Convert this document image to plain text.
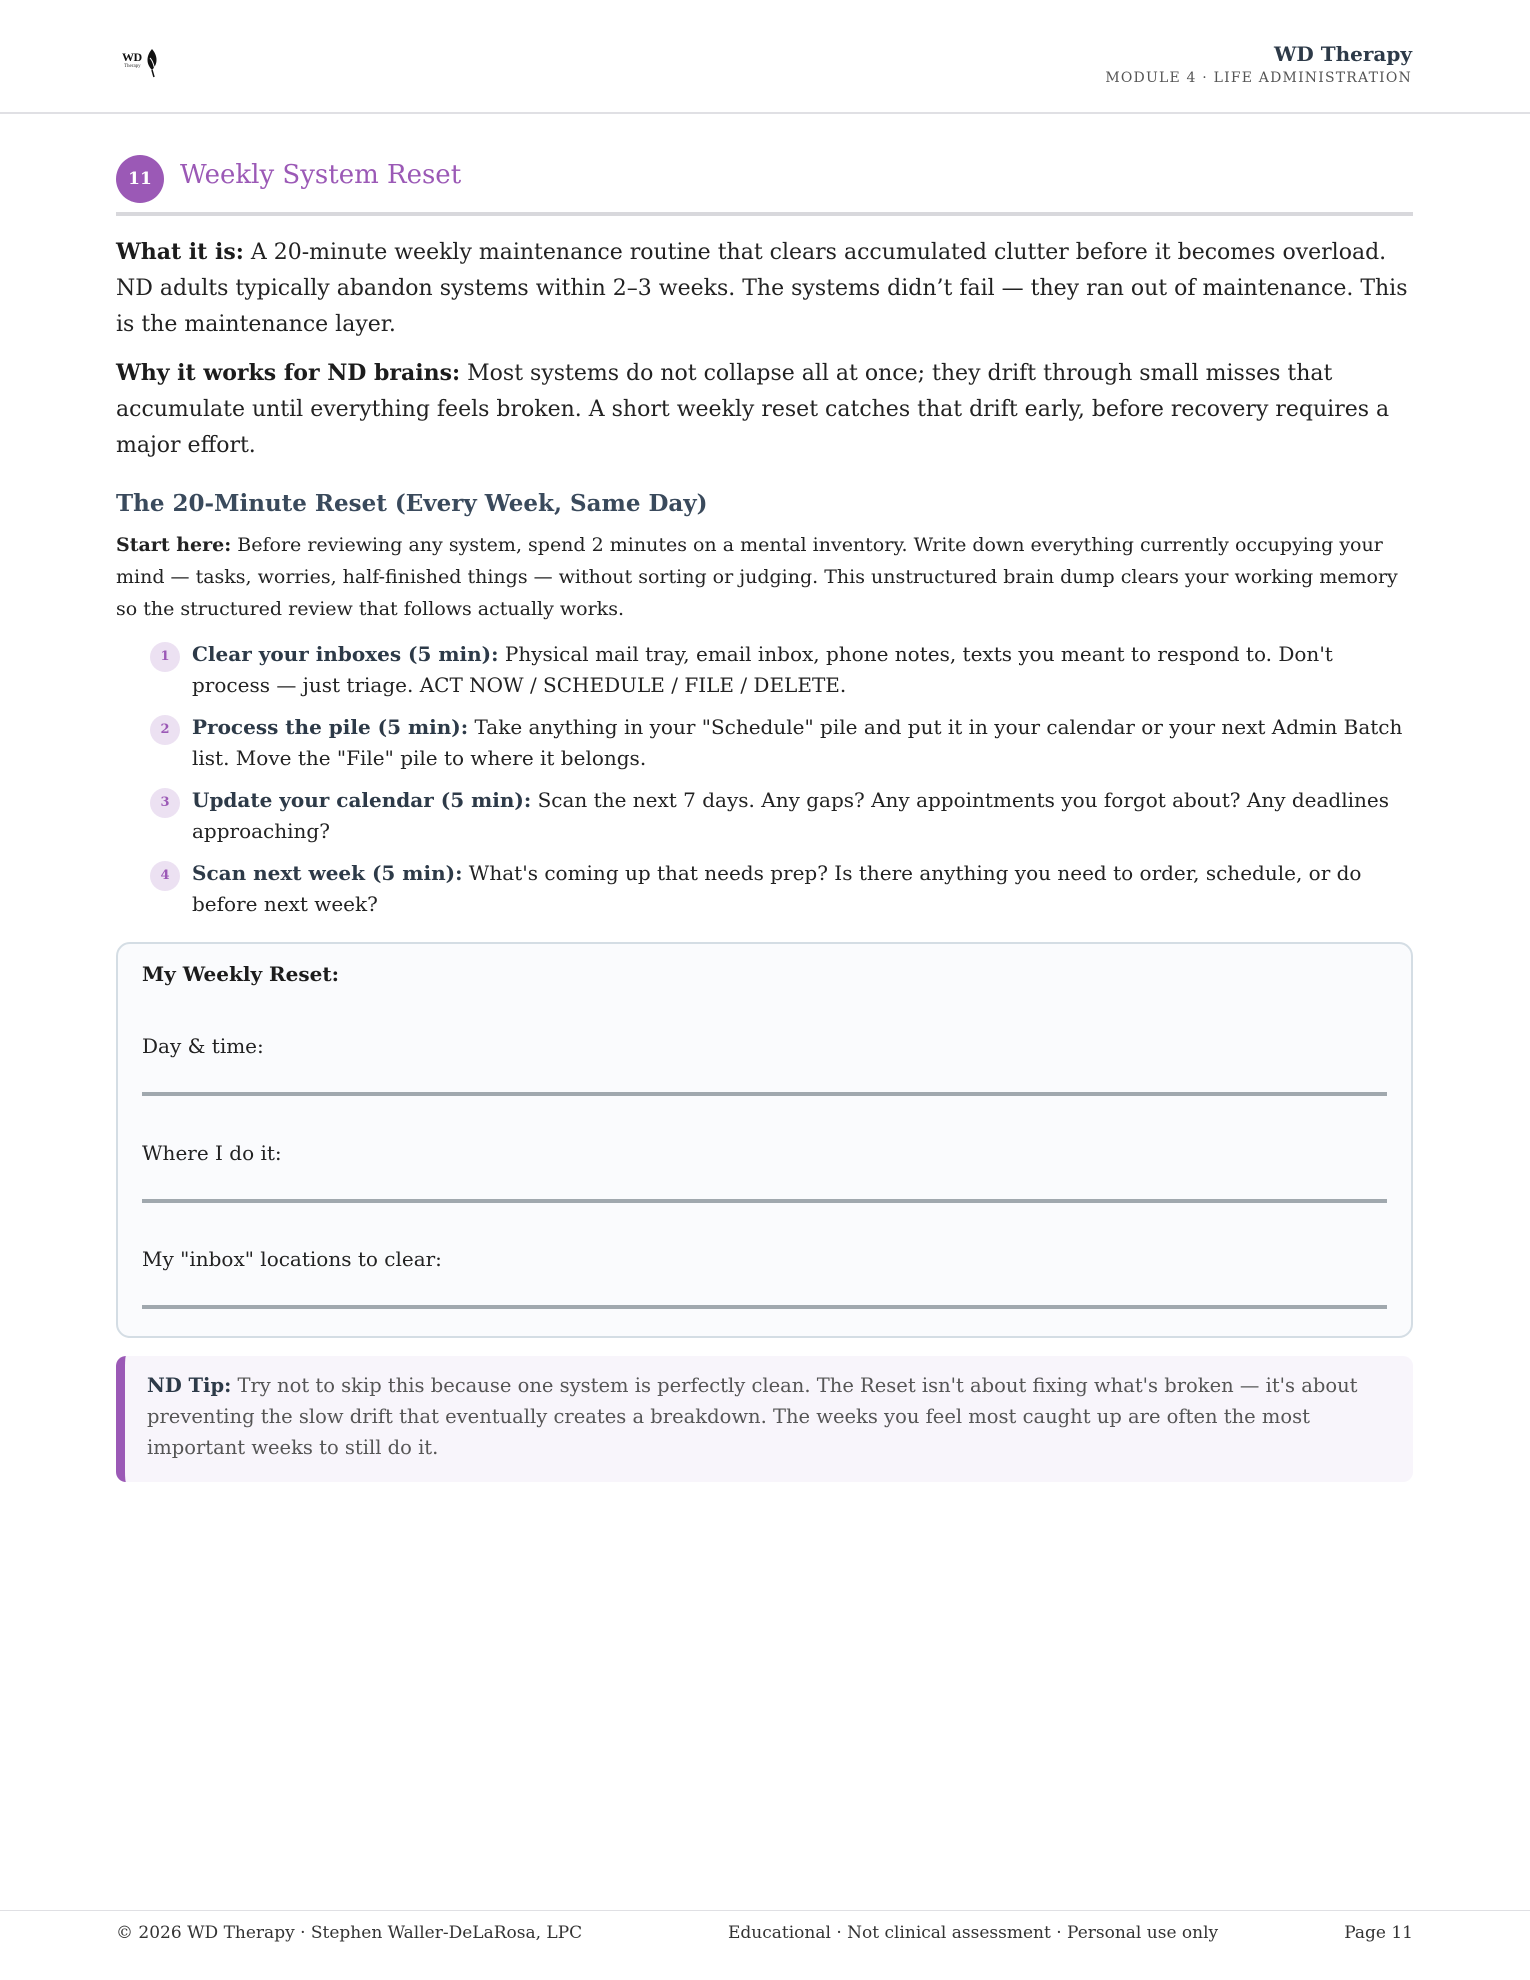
WD
Therapy
WD Therapy
MODULE 4 · LIFE ADMINISTRATION
11	Weekly System Reset

What it is: A 20-minute weekly maintenance routine that clears accumulated clutter before it becomes overload. ND adults typically abandon systems within 2–3 weeks. The systems didn’t fail — they ran out of maintenance. This is the maintenance layer.

Why it works for ND brains: Most systems do not collapse all at once; they drift through small misses that accumulate until everything feels broken. A short weekly reset catches that drift early, before recovery requires a major effort.

The 20-Minute Reset (Every Week, Same Day)

Start here: Before reviewing any system, spend 2 minutes on a mental inventory. Write down everything currently occupying your mind — tasks, worries, half-finished things — without sorting or judging. This unstructured brain dump clears your working memory so the structured review that follows actually works.

1	Clear your inboxes (5 min): Physical mail tray, email inbox, phone notes, texts you meant to respond to. Don't process — just triage. ACT NOW / SCHEDULE / FILE / DELETE.
2	Process the pile (5 min): Take anything in your "Schedule" pile and put it in your calendar or your next Admin Batch list. Move the "File" pile to where it belongs.
3	Update your calendar (5 min): Scan the next 7 days. Any gaps? Any appointments you forgot about? Any deadlines approaching?
4	Scan next week (5 min): What's coming up that needs prep? Is there anything you need to order, schedule, or do before next week?
My Weekly Reset:
Day & time:
Where I do it:
My "inbox" locations to clear:
ND Tip: Try not to skip this because one system is perfectly clean. The Reset isn't about fixing what's broken — it's about preventing the slow drift that eventually creates a breakdown. The weeks you feel most caught up are often the most important weeks to still do it.
© 2026 WD Therapy · Stephen Waller-DeLaRosa, LPC	Educational · Not clinical assessment · Personal use only	Page 11
